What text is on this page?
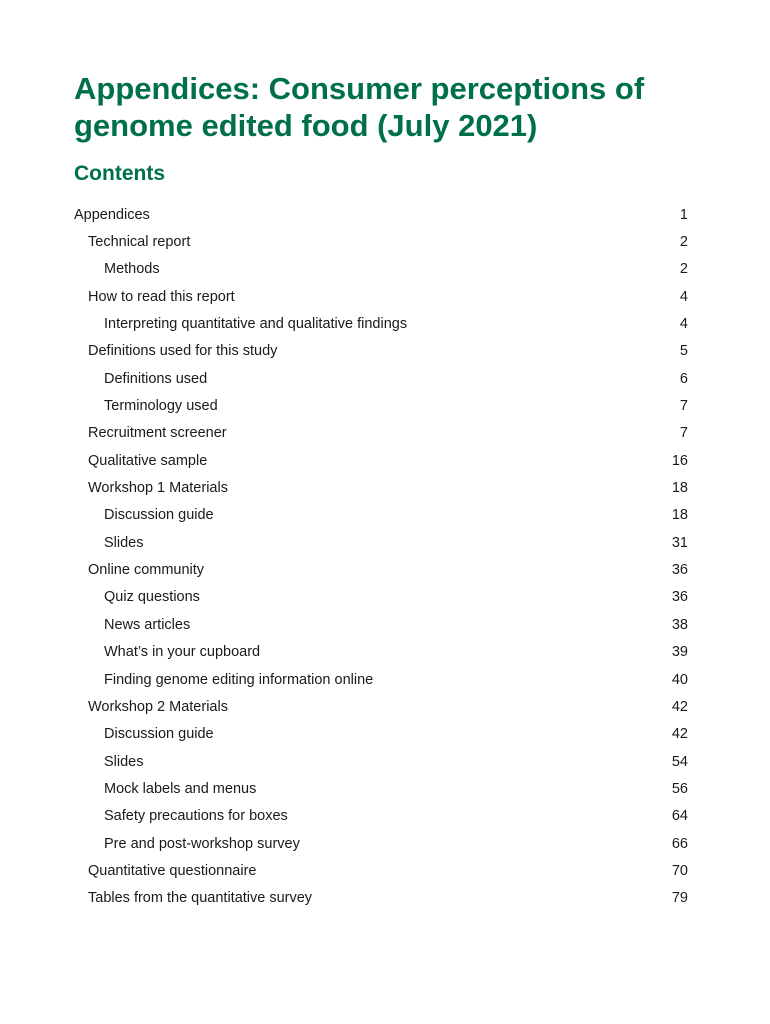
Appendices: Consumer perceptions of genome edited food (July 2021)
Contents
Appendices	1
Technical report	2
Methods	2
How to read this report	4
Interpreting quantitative and qualitative findings	4
Definitions used for this study	5
Definitions used	6
Terminology used	7
Recruitment screener	7
Qualitative sample	16
Workshop 1 Materials	18
Discussion guide	18
Slides	31
Online community	36
Quiz questions	36
News articles	38
What’s in your cupboard	39
Finding genome editing information online	40
Workshop 2 Materials	42
Discussion guide	42
Slides	54
Mock labels and menus	56
Safety precautions for boxes	64
Pre and post-workshop survey	66
Quantitative questionnaire	70
Tables from the quantitative survey	79
